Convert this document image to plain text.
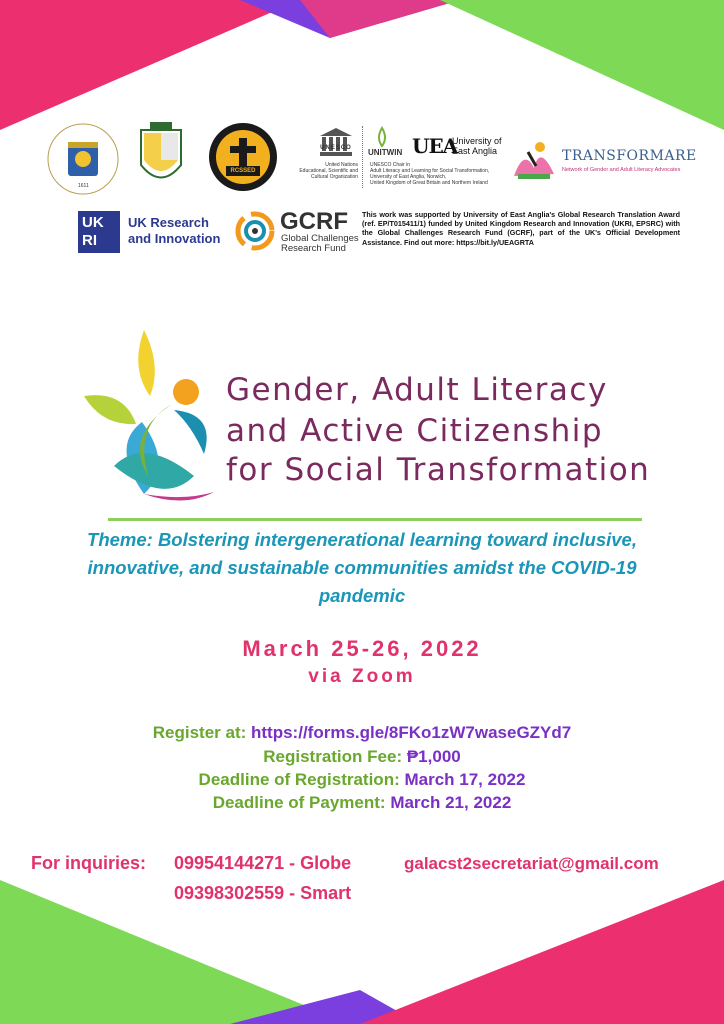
1611
RCSSED
UNESCO
United Nations
Educational, Scientific and
Cultural Organization
UNITWIN
UNESCO Chair in
Adult Literacy and Learning for Social Transformation,
University of East Anglia, Norwich,
United Kingdom of Great Britain and Northern Ireland
UEA
University of
East Anglia	TRANSFORMARE
Network of Gender and Adult Literacy Advocates
UK
RI
UK Research
and Innovation
GCRF
Global Challenges
Research Fund
This work was supported by University of East Anglia's Global Research Translation Award (ref. EP/T015411/1) funded by United Kingdom Research and Innovation (UKRI, EPSRC) with the Global Challenges Research Fund (GCRF), part of the UK's Official Development Assistance. Find out more: https://bit.ly/UEAGRTA
Gender, Adult Literacy
and Active Citizenship
for Social Transformation
Theme: Bolstering intergenerational learning toward inclusive,
innovative, and sustainable communities amidst the COVID-19
pandemic
March 25-26, 2022
via Zoom
Register at: https://forms.gle/8FKo1zW7waseGZYd7
Registration Fee: ₱1,000
Deadline of Registration: March 17, 2022
Deadline of Payment: March 21, 2022
For inquiries: 09954144271 - Globe
09398302559 - Smart
galacst2secretariat@gmail.com
